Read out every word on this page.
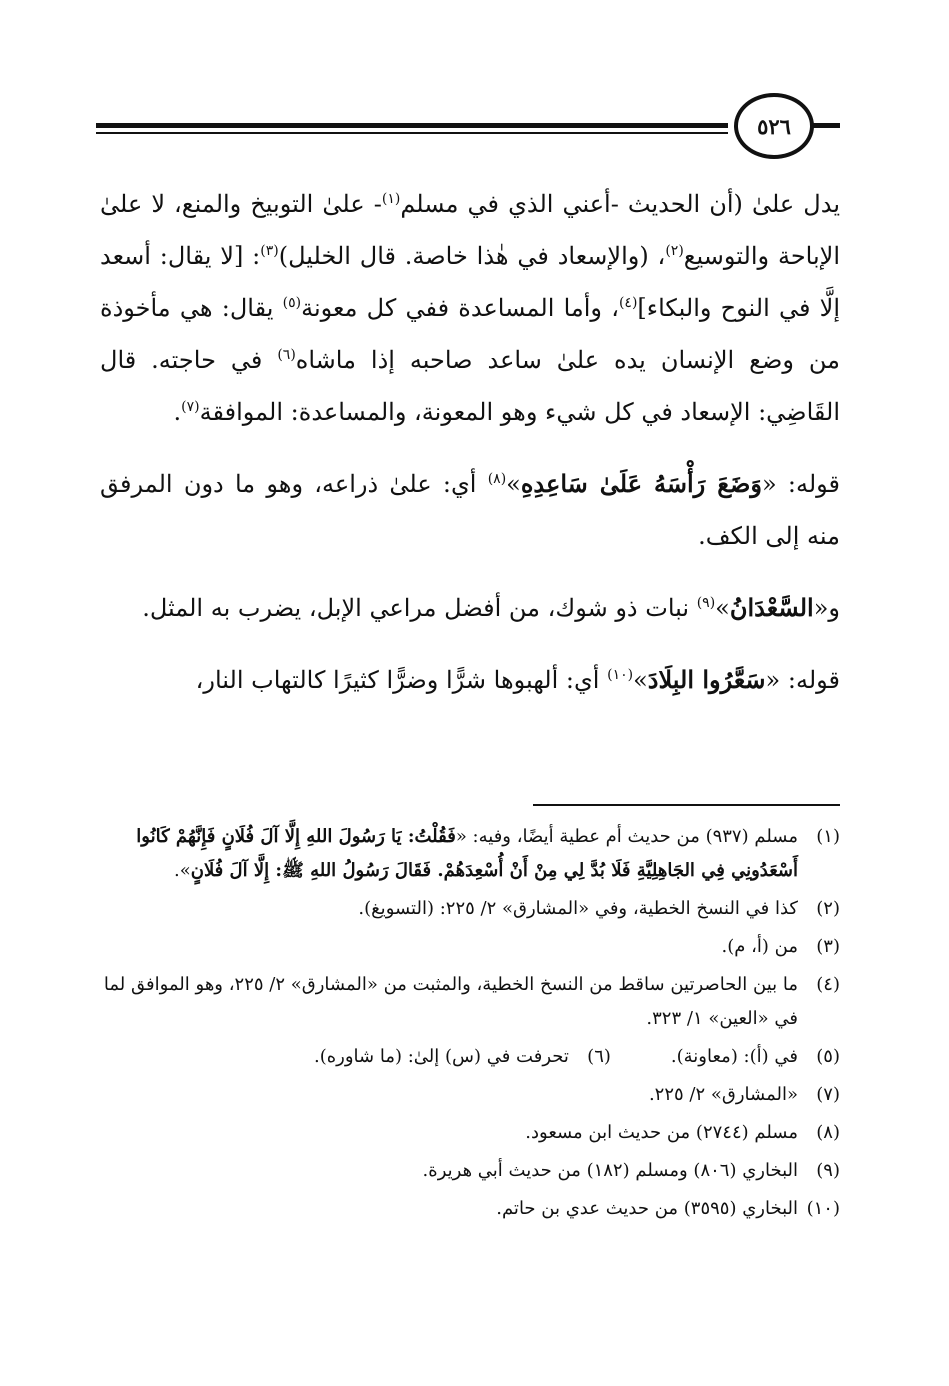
٥٢٦

يدل علىٰ (أن الحديث -أعني الذي في مسلم$^{(١)}$- علىٰ التوبيخ والمنع، لا علىٰ الإباحة والتوسيع$^{(٢)}$، (والإسعاد في هٰذا خاصة. قال الخليل)$^{(٣)}$: [لا يقال: أسعد إلَّا في النوح والبكاء]$^{(٤)}$، وأما المساعدة ففي كل معونة$^{(٥)}$ يقال: هي مأخوذة من وضع الإنسان يده علىٰ ساعد صاحبه إذا ماشاه$^{(٦)}$ في حاجته. قال القَاضِي: الإسعاد في كل شيء وهو المعونة، والمساعدة: الموافقة$^{(٧)}$.

قوله: «وَضَعَ رَأْسَهُ عَلَىٰ سَاعِدِهِ»$^{(٨)}$ أي: علىٰ ذراعه، وهو ما دون المرفق منه إلى الكف.

و«السَّعْدَانُ»$^{(٩)}$ نبات ذو شوك، من أفضل مراعي الإبل، يضرب به المثل.

قوله: «سَعَّرُوا البِلَادَ»$^{(١٠)}$ أي: ألهبوها شرًّا وضرًّا كثيرًا كالتهاب النار،

(١)
مسلم (٩٣٧) من حديث أم عطية أيضًا، وفيه: «فَقُلْتُ: يَا رَسُولَ اللهِ إِلَّا آلَ فُلَانٍ فَإِنَّهُمْ كَانُوا أَسْعَدُونِي فِي الجَاهِلِيَّةِ فَلَا بُدَّ لِي مِنْ أَنْ أُسْعِدَهُمْ. فَقَالَ رَسُولُ اللهِ ﷺ: إِلَّا آلَ فُلَانٍ».
(٢)
كذا في النسخ الخطية، وفي «المشارق» ٢/ ٢٢٥: (التسويغ).
(٣)
من (أ، م).
(٤)
ما بين الحاصرتين ساقط من النسخ الخطية، والمثبت من «المشارق» ٢/ ٢٢٥، وهو الموافق لما في «العين» ١/ ٣٢٣.
(٥)
في (أ): (معاونة).
(٦)
تحرفت في (س) إلىٰ: (ما شاوره).
(٧)
«المشارق» ٢/ ٢٢٥.
(٨)
مسلم (٢٧٤٤) من حديث ابن مسعود.
(٩)
البخاري (٨٠٦) ومسلم (١٨٢) من حديث أبي هريرة.
(١٠)
البخاري (٣٥٩٥) من حديث عدي بن حاتم.
